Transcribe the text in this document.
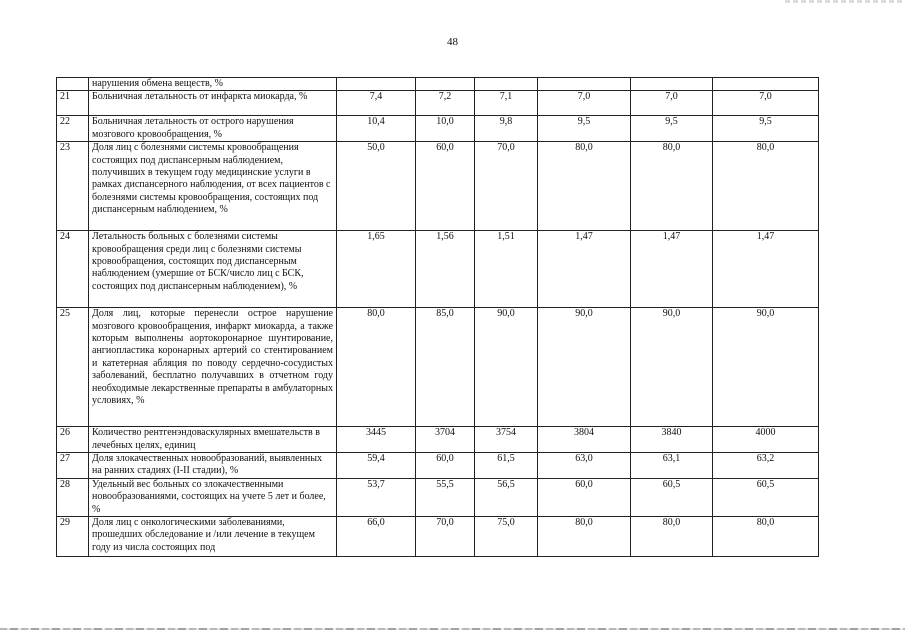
48

	нарушения обмена веществ, %						

21	Больничная летальность от инфаркта миокарда, %	7,4	7,2	7,1	7,0	7,0	7,0
22	Больничная летальность от острого нарушения мозгового кровообращения, %	10,4	10,0	9,8	9,5	9,5	9,5
23	Доля лиц с болезнями системы кровообращения состоящих под диспансерным наблюдением, получивших в текущем году медицинские услуги в рамках диспансерного наблюдения, от всех пациентов с болезнями системы кровообращения, состоящих под диспансерным наблюдением, %	50,0	60,0	70,0	80,0	80,0	80,0
24	Летальность больных с болезнями системы кровообращения среди лиц с болезнями системы кровообращения, состоящих под диспансерным наблюдением (умершие от БСК/число лиц с БСК, состоящих под диспансерным наблюдением), %	1,65	1,56	1,51	1,47	1,47	1,47
25	Доля лиц, которые перенесли острое нарушение мозгового кровообращения, инфаркт миокарда, а также которым выполнены аортокоронарное шунтирование, ангиопластика коронарных артерий со стентированием и катетерная абляция по поводу сердечно-сосудистых заболеваний, бесплатно получавших в отчетном году необходимые лекарственные препараты в амбулаторных условиях, %	80,0	85,0	90,0	90,0	90,0	90,0
26	Количество рентгенэндоваскулярных вмешательств в лечебных целях, единиц	3445	3704	3754	3804	3840	4000
27	Доля злокачественных новообразований, выявленных на ранних стадиях (I-II стадии), %	59,4	60,0	61,5	63,0	63,1	63,2
28	Удельный вес больных со злокачественными новообразованиями, состоящих на учете 5 лет и более, %	53,7	55,5	56,5	60,0	60,5	60,5
29	Доля лиц с онкологическими заболеваниями, прошедших обследование и /или лечение в текущем году из числа состоящих под	66,0	70,0	75,0	80,0	80,0	80,0
